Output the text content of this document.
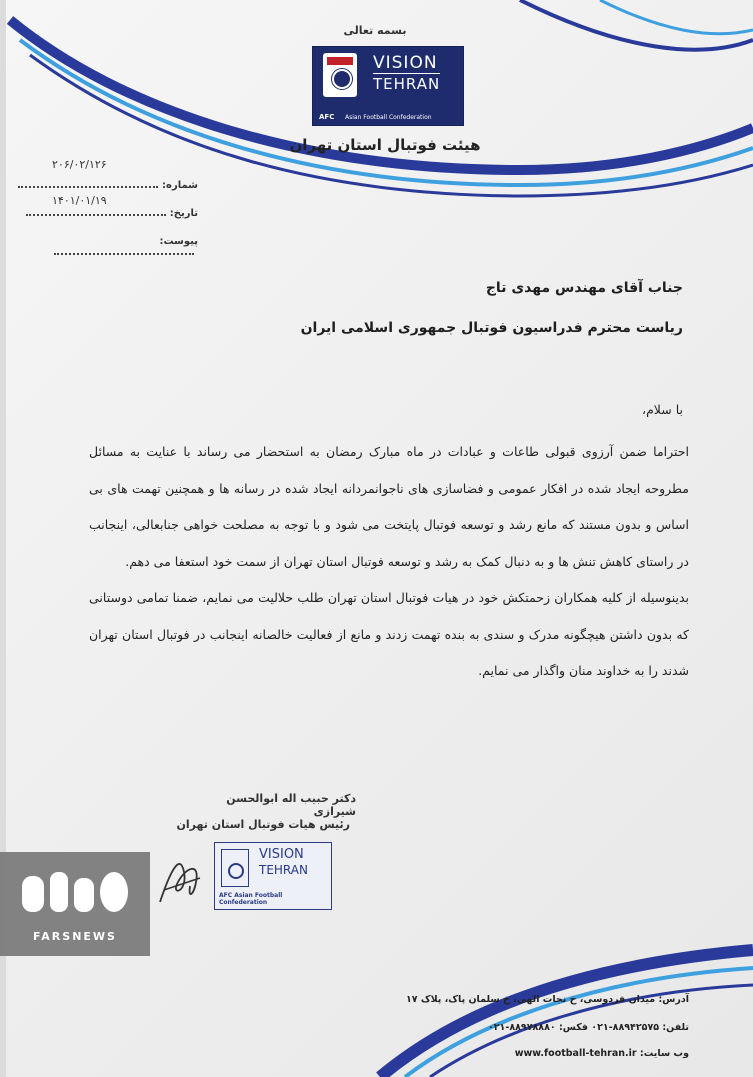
بسمه تعالی
VISION
TEHRAN
AFC Asian Football Confederation
هیئت فوتبال استان تهران
۲۰۶/۰۲/۱۲۶
شماره:
۱۴۰۱/۰۱/۱۹
تاریخ:
پیوست:
جناب آقای مهندس مهدی تاج
ریاست محترم فدراسیون فوتبال جمهوری اسلامی ایران
با سلام،

احتراما ضمن آرزوی قبولی طاعات و عبادات در ماه مبارک رمضان به استحضار می رساند با عنایت به مسائل مطروحه ایجاد شده در افکار عمومی و فضاسازی های ناجوانمردانه ایجاد شده در رسانه ها و همچنین تهمت های بی اساس و بدون مستند که مانع رشد و توسعه فوتبال پایتخت می شود و با توجه به مصلحت خواهی جنابعالی، اینجانب در راستای کاهش تنش ها و به دنبال کمک به رشد و توسعه فوتبال استان تهران از سمت خود استعفا می دهم.

بدینوسیله از کلیه همکاران زحمتکش خود در هیات فوتبال استان تهران طلب حلالیت می نمایم، ضمنا تمامی دوستانی که بدون داشتن هیچگونه مدرک و سندی به بنده تهمت زدند و مانع از فعالیت خالصانه اینجانب در فوتبال استان تهران شدند را به خداوند منان واگذار می نمایم.

دکتر حبیب اله ابوالحسن شیرازی
رئیس هیات فوتبال استان تهران
VISION
TEHRAN
AFC Asian Football Confederation
FARSNEWS
آدرس: میدان فردوسی، خ نجات الهی، خ سلمان پاک، پلاک ۱۷
تلفن: ۸۸۹۴۲۵۷۵-۰۲۱ فکس: ۸۸۹۷۸۸۸۰-۰۲۱
وب سایت: www.football-tehran.ir
